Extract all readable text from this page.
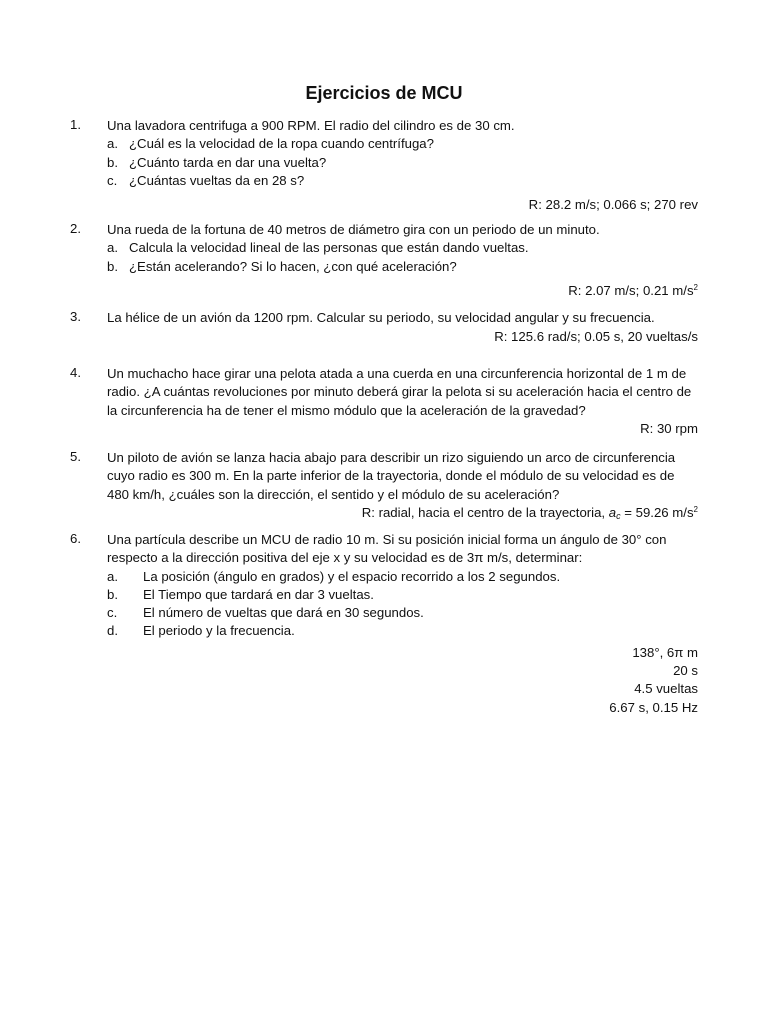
Ejercicios de MCU
1.	Una lavadora centrifuga a 900 RPM. El radio del cilindro es de 30 cm.
a. ¿Cuál es la velocidad de la ropa cuando centrífuga?
b. ¿Cuánto tarda en dar una vuelta?
c. ¿Cuántas vueltas da en 28 s?
R: 28.2 m/s; 0.066 s; 270 rev
2.	Una rueda de la fortuna de 40 metros de diámetro gira con un periodo de un minuto.
a. Calcula la velocidad lineal de las personas que están dando vueltas.
b. ¿Están acelerando? Si lo hacen, ¿con qué aceleración?
R: 2.07 m/s; 0.21 $m/s^2$
3.	La hélice de un avión da 1200 rpm. Calcular su periodo, su velocidad angular y su frecuencia.
R: 125.6 rad/s; 0.05 s, 20 vueltas/s
4.	Un muchacho hace girar una pelota atada a una cuerda en una circunferencia horizontal de 1 m de
radio. ¿A cuántas revoluciones por minuto deberá girar la pelota si su aceleración hacia el centro de
la circunferencia ha de tener el mismo módulo que la aceleración de la gravedad?
R: 30 rpm
5.	Un piloto de avión se lanza hacia abajo para describir un rizo siguiendo un arco de circunferencia
cuyo radio es 300 m. En la parte inferior de la trayectoria, donde el módulo de su velocidad es de
480 km/h, ¿cuáles son la dirección, el sentido y el módulo de su aceleración?
R: radial, hacia el centro de la trayectoria, $a_c = 59.26$ $m/s^2$
6.	Una partícula describe un MCU de radio 10 m. Si su posición inicial forma un ángulo de 30° con
respecto a la dirección positiva del eje x y su velocidad es de 3π m/s, determinar:
a. La posición (ángulo en grados) y el espacio recorrido a los 2 segundos.
b. El Tiempo que tardará en dar 3 vueltas.
c. El número de vueltas que dará en 30 segundos.
d. El periodo y la frecuencia.
138°, 6π m
20 s
4.5 vueltas
6.67 s, 0.15 Hz
